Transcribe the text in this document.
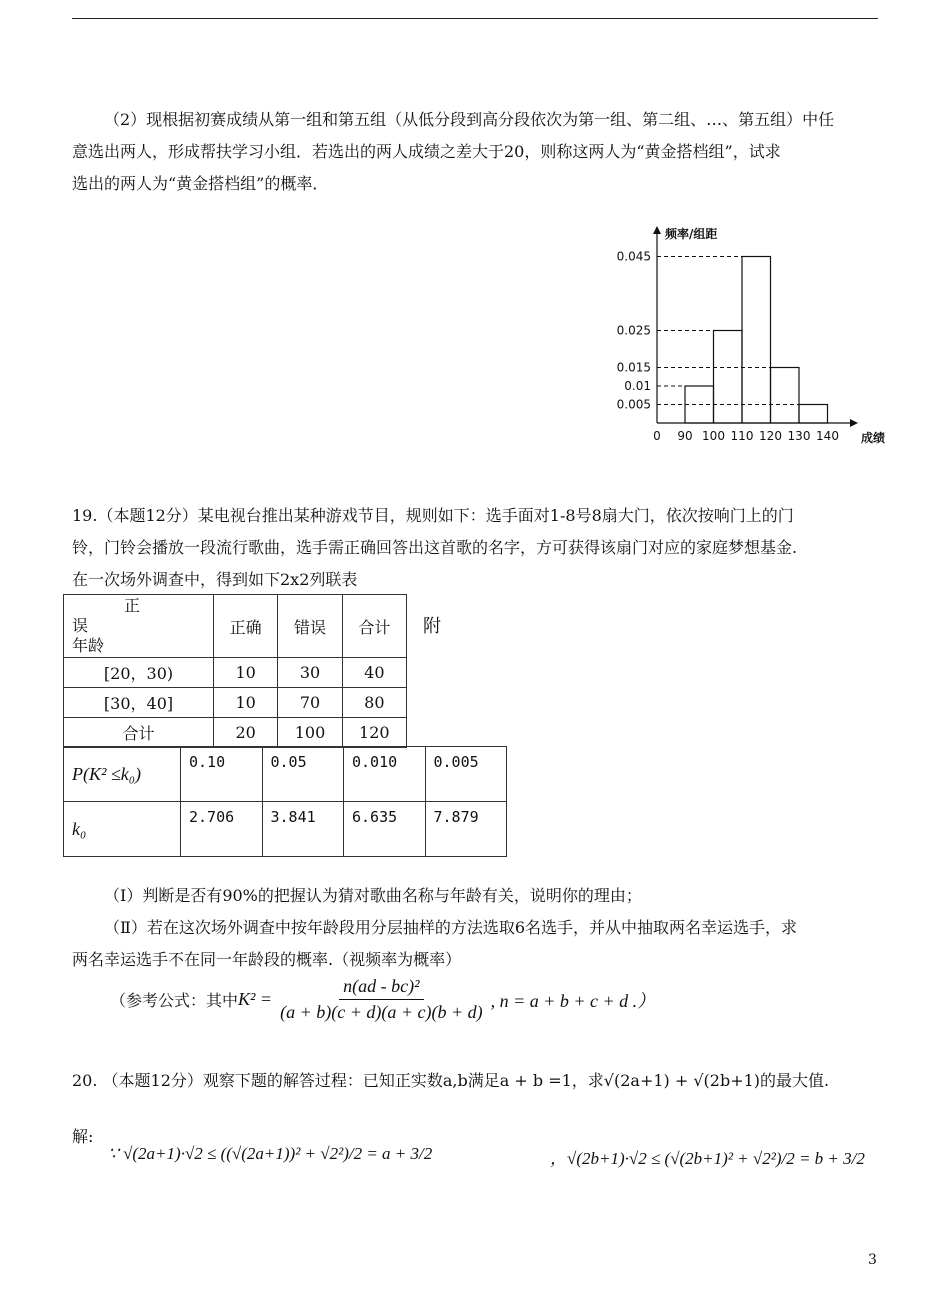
（2）现根据初赛成绩从第一组和第五组（从低分段到高分段依次为第一组、第二组、…、第五组）中任

意选出两人，形成帮扶学习小组．若选出的两人成绩之差大于20，则称这两人为“黄金搭档组”，试求

选出的两人为“黄金搭档组”的概率．

0.045
0.025
0.015
0.01
0.005
90 100 110 120 130 140
0
频率/组距
成绩

19.（本题12分）某电视台推出某种游戏节目，规则如下：选手面对1-8号8扇大门，依次按响门上的门

铃，门铃会播放一段流行歌曲，选手需正确回答出这首歌的名字，方可获得该扇门对应的家庭梦想基金.

在一次场外调查中，得到如下2x2列联表

正
误
年龄	正确	错误	合计
[20，30)	10	30	40
[30，40]	10	70	80
合计	20	100	120
附
P(K² ≤k₀)	0.10	0.05	0.010	0.005
k₀	2.706	3.841	6.635	7.879

（Ⅰ）判断是否有90%的把握认为猜对歌曲名称与年龄有关，说明你的理由；

（Ⅱ）若在这次场外调查中按年龄段用分层抽样的方法选取6名选手，并从中抽取两名幸运选手，求

两名幸运选手不在同一年龄段的概率.（视频率为概率）

（参考公式：其中 $K^2 = \frac{\text{n(ad - bc)²}}{(a + b)(c + d)(a + c)(b + d)}$ , n = a + b + c + d .）
20. （本题12分）观察下题的解答过程：已知正实数a,b满足a + b =1，求√(2a+1) + √(2b+1)的最大值.
解:
∵ √(2a+1)·√2 ≤ ((√(2a+1))² + √2²)/2 = a + 3/2	，√(2b+1)·√2 ≤ (√(2b+1)² + √2²)/2 = b + 3/2
3
